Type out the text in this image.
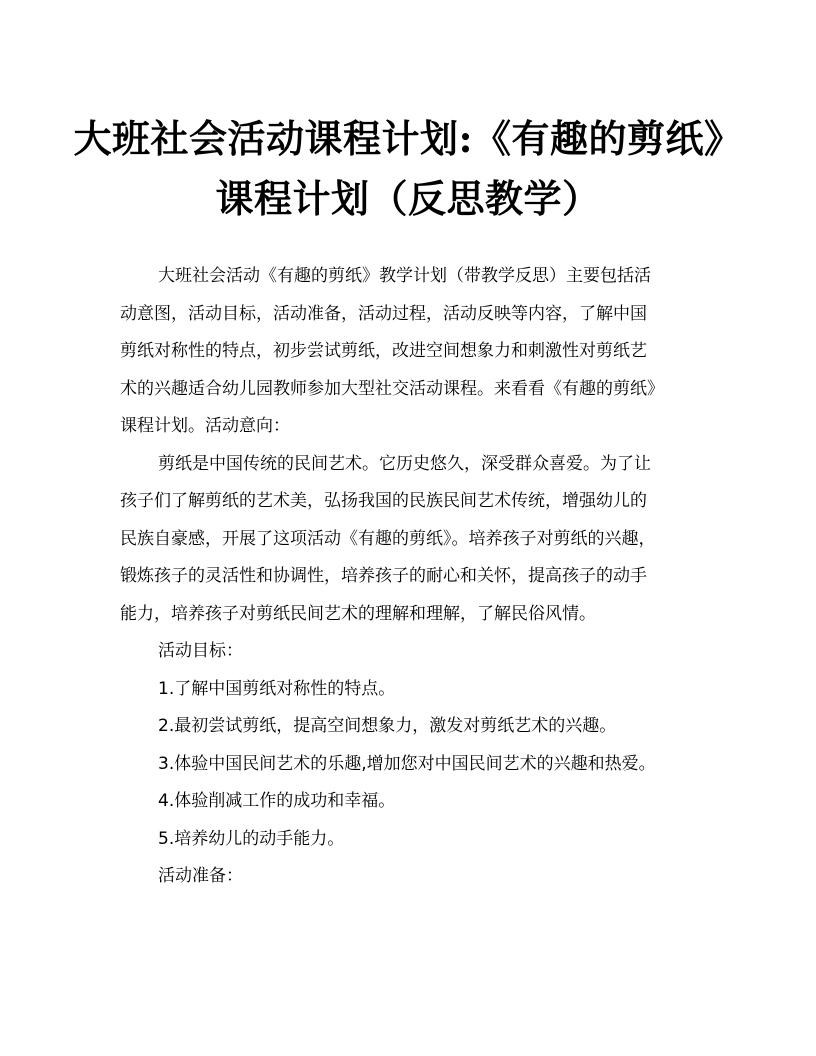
大班社会活动课程计划:《有趣的剪纸》
课程计划（反思教学）
大班社会活动《有趣的剪纸》教学计划（带教学反思）主要包括活
动意图，活动目标，活动准备，活动过程，活动反映等内容，了解中国
剪纸对称性的特点，初步尝试剪纸，改进空间想象力和刺激性对剪纸艺
术的兴趣适合幼儿园教师参加大型社交活动课程。来看看《有趣的剪纸》
课程计划。活动意向：
剪纸是中国传统的民间艺术。它历史悠久，深受群众喜爱。为了让
孩子们了解剪纸的艺术美，弘扬我国的民族民间艺术传统，增强幼儿的
民族自豪感，开展了这项活动《有趣的剪纸》。培养孩子对剪纸的兴趣，
锻炼孩子的灵活性和协调性，培养孩子的耐心和关怀，提高孩子的动手
能力，培养孩子对剪纸民间艺术的理解和理解，了解民俗风情。
活动目标：
1.了解中国剪纸对称性的特点。
2.最初尝试剪纸，提高空间想象力，激发对剪纸艺术的兴趣。
3.体验中国民间艺术的乐趣,增加您对中国民间艺术的兴趣和热爱。
4.体验削减工作的成功和幸福。
5.培养幼儿的动手能力。
活动准备：
